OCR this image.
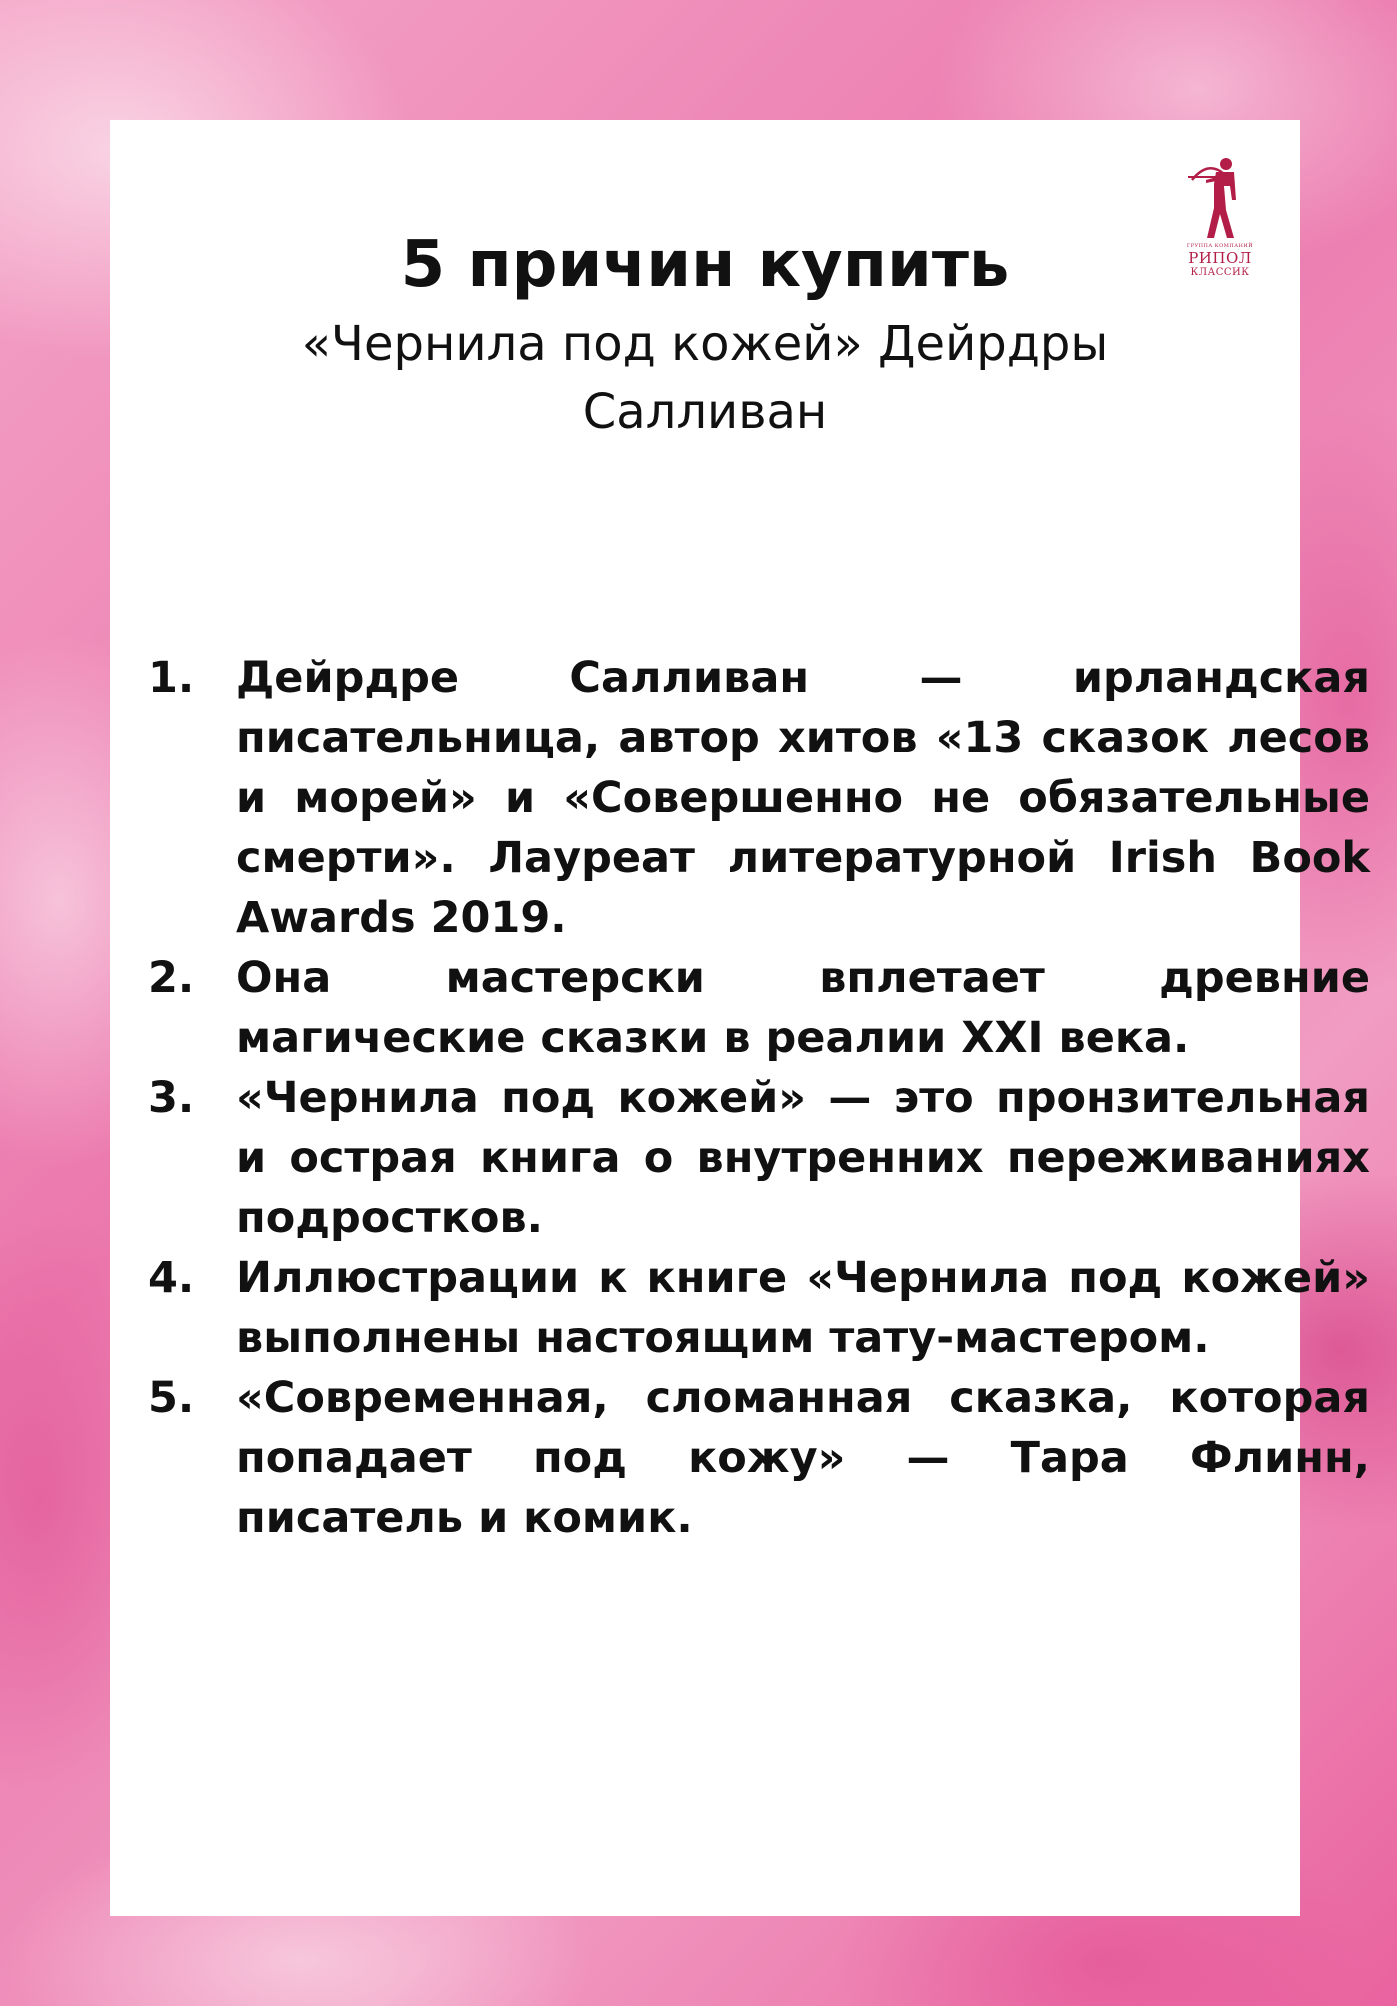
ГРУППА КОМПАНИЙ
РИПОЛ
КЛАССИК
5 причин купить

«Чернила под кожей» Дейрдры Салливан

1. Дейрдре Салливан — ирландская писательница, автор хитов «13 сказок лесов и морей» и «Совершенно не обязательные смерти». Лауреат литературной Irish Book Awards 2019.
2. Она мастерски вплетает древние магические сказки в реалии XXI века.
3. «Чернила под кожей» — это пронзительная и острая книга о внутренних переживаниях подростков.
4. Иллюстрации к книге «Чернила под кожей» выполнены настоящим тату-мастером.
5. «Современная, сломанная сказка, которая попадает под кожу» — Тара Флинн, писатель и комик.
